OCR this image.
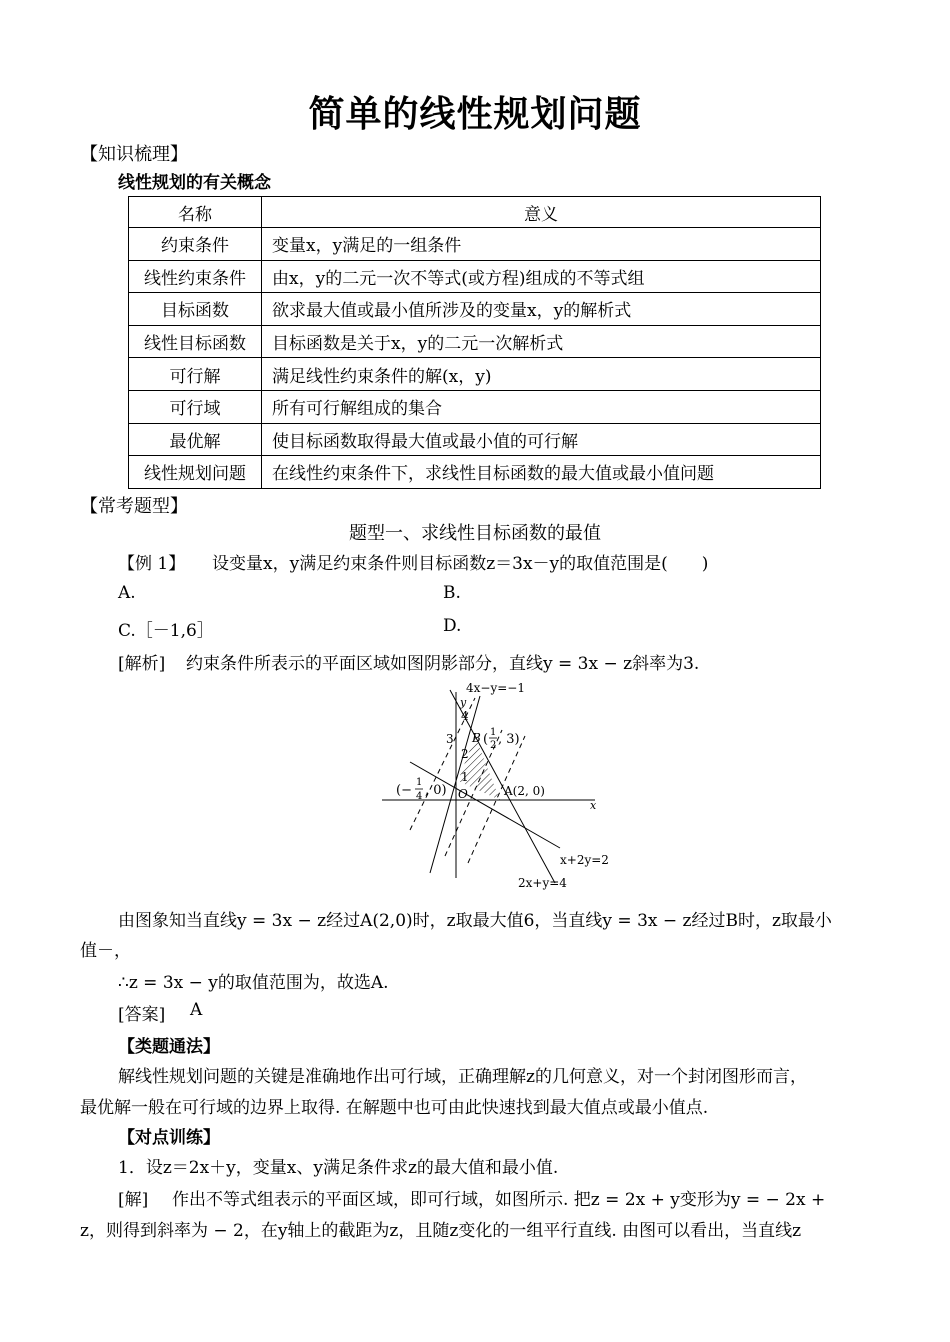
简单的线性规划问题
【知识梳理】
线性规划的有关概念
名称	意义
约束条件	变量x，y满足的一组条件
线性约束条件	由x，y的二元一次不等式(或方程)组成的不等式组
目标函数	欲求最大值或最小值所涉及的变量x，y的解析式
线性目标函数	目标函数是关于x，y的二元一次解析式
可行解	满足线性约束条件的解(x，y)
可行域	所有可行解组成的集合
最优解	使目标函数取得最大值或最小值的可行解
线性规划问题	在线性约束条件下，求线性目标函数的最大值或最小值问题
【常考题型】
题型一、求线性目标函数的最值
【例 1】 设变量x，y满足约束条件则目标函数z＝3x－y的取值范围是(　　)
A.	B.
C.［－1,6］	D.
[解析] 约束条件所表示的平面区域如图阴影部分，直线y = 3x − z斜率为3.
4x−y=−1
y
x
4
3
2
1
O
B ( 1
2 , 3)
(−
1
4 , 0)	A(2, 0)
x+2y=2
2x+y=4
由图象知当直线y = 3x − z经过A(2,0)时，z取最大值6，当直线y = 3x − z经过B时，z取最小
值－，
∴z = 3x − y的取值范围为，故选A.
[答案] A
【类题通法】
解线性规划问题的关键是准确地作出可行域，正确理解z的几何意义，对一个封闭图形而言，
最优解一般在可行域的边界上取得. 在解题中也可由此快速找到最大值点或最小值点.
【对点训练】
1．设z＝2x＋y，变量x、y满足条件求z的最大值和最小值.
[解] 作出不等式组表示的平面区域，即可行域，如图所示. 把z = 2x + y变形为y = − 2x +
z，则得到斜率为 − 2，在y轴上的截距为z，且随z变化的一组平行直线. 由图可以看出，当直线z
